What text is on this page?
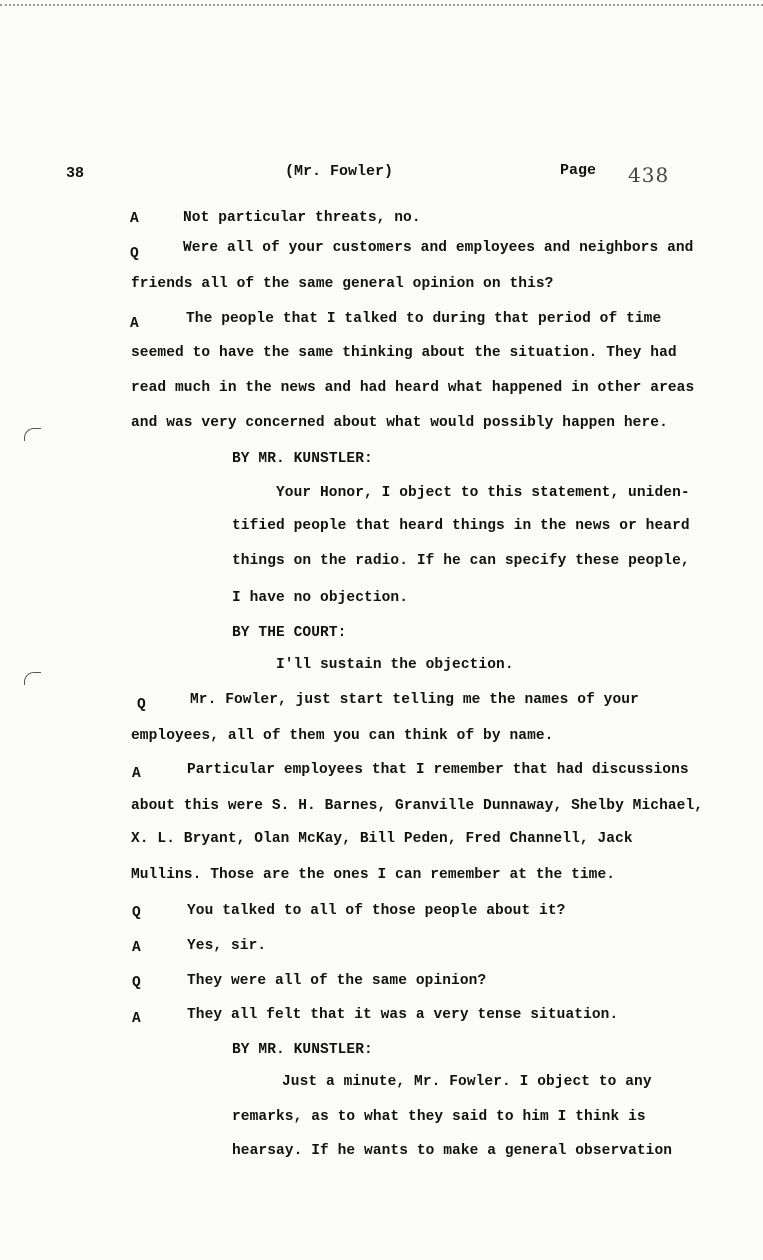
38	(Mr. Fowler)	Page 438
A	Not particular threats, no.
Q	Were all of your customers and employees and neighbors and
friends all of the same general opinion on this?
A	The people that I talked to during that period of time
seemed to have the same thinking about the situation. They had
read much in the news and had heard what happened in other areas
and was very concerned about what would possibly happen here.
BY MR. KUNSTLER:
Your Honor, I object to this statement, uniden-
tified people that heard things in the news or heard
things on the radio. If he can specify these people,
I have no objection.
BY THE COURT:
I'll sustain the objection.
Q	Mr. Fowler, just start telling me the names of your
employees, all of them you can think of by name.
A	Particular employees that I remember that had discussions
about this were S. H. Barnes, Granville Dunnaway, Shelby Michael,
X. L. Bryant, Olan McKay, Bill Peden, Fred Channell, Jack
Mullins. Those are the ones I can remember at the time.
Q	You talked to all of those people about it?
A	Yes, sir.
Q	They were all of the same opinion?
A	They all felt that it was a very tense situation.
BY MR. KUNSTLER:
Just a minute, Mr. Fowler. I object to any
remarks, as to what they said to him I think is
hearsay. If he wants to make a general observation
